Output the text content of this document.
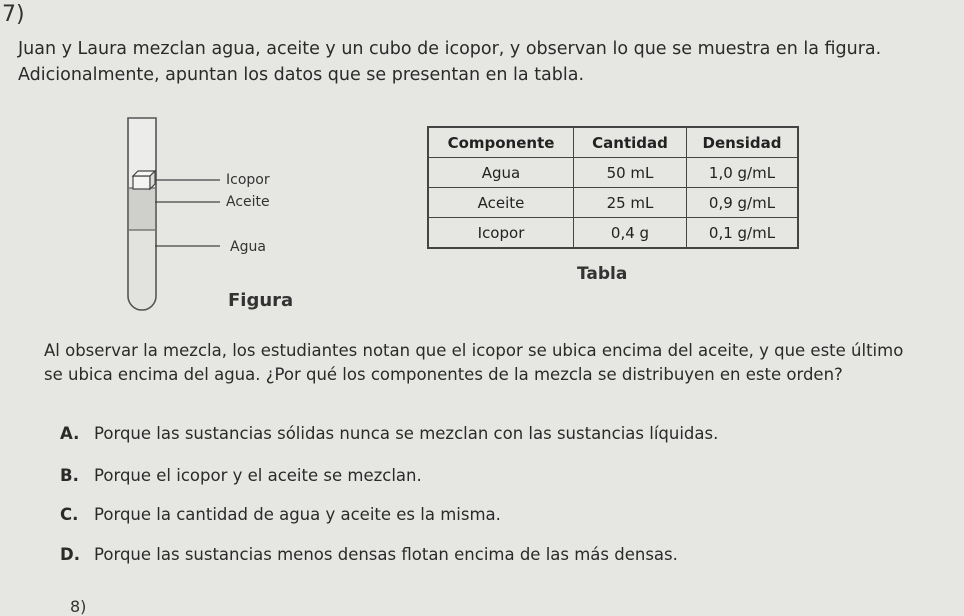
7)
Juan y Laura mezclan agua, aceite y un cubo de icopor, y observan lo que se muestra en la figura.
Adicionalmente, apuntan los datos que se presentan en la tabla.
Icopor
Aceite
Agua
Figura
Componente	Cantidad	Densidad
Agua	50 mL	1,0 g/mL
Aceite	25 mL	0,9 g/mL
Icopor	0,4 g	0,1 g/mL
Tabla
Al observar la mezcla, los estudiantes notan que el icopor se ubica encima del aceite, y que este último
se ubica encima del agua. ¿Por qué los componentes de la mezcla se distribuyen en este orden?
A. Porque las sustancias sólidas nunca se mezclan con las sustancias líquidas.
B. Porque el icopor y el aceite se mezclan.
C. Porque la cantidad de agua y aceite es la misma.
D. Porque las sustancias menos densas flotan encima de las más densas.
8)
